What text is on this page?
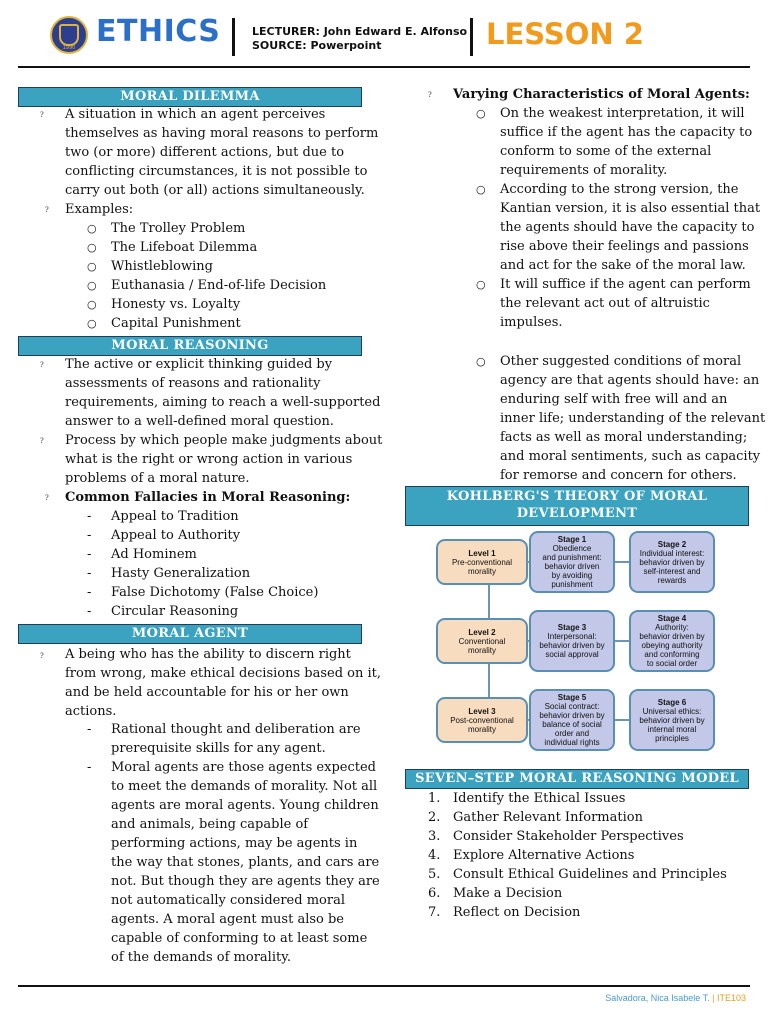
1990 ETHICS	LECTURER: John Edward E. Alfonso
SOURCE: Powerpoint	LESSON 2
MORAL DILEMMA
? A situation in which an agent perceives
themselves as having moral reasons to perform
two (or more) different actions, but due to
conflicting circumstances, it is not possible to
carry out both (or all) actions simultaneously.
? Examples:
○ The Trolley Problem
○ The Lifeboat Dilemma
○ Whistleblowing
○ Euthanasia / End-of-life Decision
○ Honesty vs. Loyalty
○ Capital Punishment
MORAL REASONING
? The active or explicit thinking guided by
assessments of reasons and rationality
requirements, aiming to reach a well-supported
answer to a well-defined moral question.
? Process by which people make judgments about
what is the right or wrong action in various
problems of a moral nature.
? Common Fallacies in Moral Reasoning:
- Appeal to Tradition
- Appeal to Authority
- Ad Hominem
- Hasty Generalization
- False Dichotomy (False Choice)
- Circular Reasoning
MORAL AGENT
? A being who has the ability to discern right
from wrong, make ethical decisions based on it,
and be held accountable for his or her own
actions.
- Rational thought and deliberation are
prerequisite skills for any agent.
- Moral agents are those agents expected
to meet the demands of morality. Not all
agents are moral agents. Young children
and animals, being capable of
performing actions, may be agents in
the way that stones, plants, and cars are
not. But though they are agents they are
not automatically considered moral
agents. A moral agent must also be
capable of conforming to at least some
of the demands of morality.
? Varying Characteristics of Moral Agents:
○ On the weakest interpretation, it will
suffice if the agent has the capacity to
conform to some of the external
requirements of morality.
○ According to the strong version, the
Kantian version, it is also essential that
the agents should have the capacity to
rise above their feelings and passions
and act for the sake of the moral law.
○ It will suffice if the agent can perform
the relevant act out of altruistic
impulses.
○ Other suggested conditions of moral
agency are that agents should have: an
enduring self with free will and an
inner life; understanding of the relevant
facts as well as moral understanding;
and moral sentiments, such as capacity
for remorse and concern for others.
KOHLBERG'S THEORY OF MORAL
DEVELOPMENT
SEVEN–STEP MORAL REASONING MODEL
1. Identify the Ethical Issues
2. Gather Relevant Information
3. Consider Stakeholder Perspectives
4. Explore Alternative Actions
5. Consult Ethical Guidelines and Principles
6. Make a Decision
7. Reflect on Decision
Level 1
Pre-conventional
morality
Stage 1
Obedience
and punishment:
behavior driven
by avoiding
punishment
Stage 2
Individual interest:
behavior driven by
self-interest and
rewards
Level 2
Conventional
morality
Stage 3
Interpersonal:
behavior driven by
social approval
Stage 4
Authority:
behavior driven by
obeying authority
and conforming
to social order
Level 3
Post-conventional
morality
Stage 5
Social contract:
behavior driven by
balance of social
order and
individual rights
Stage 6
Universal ethics:
behavior driven by
internal moral
principles
Salvadora, Nica Isabele T. | ITE103
